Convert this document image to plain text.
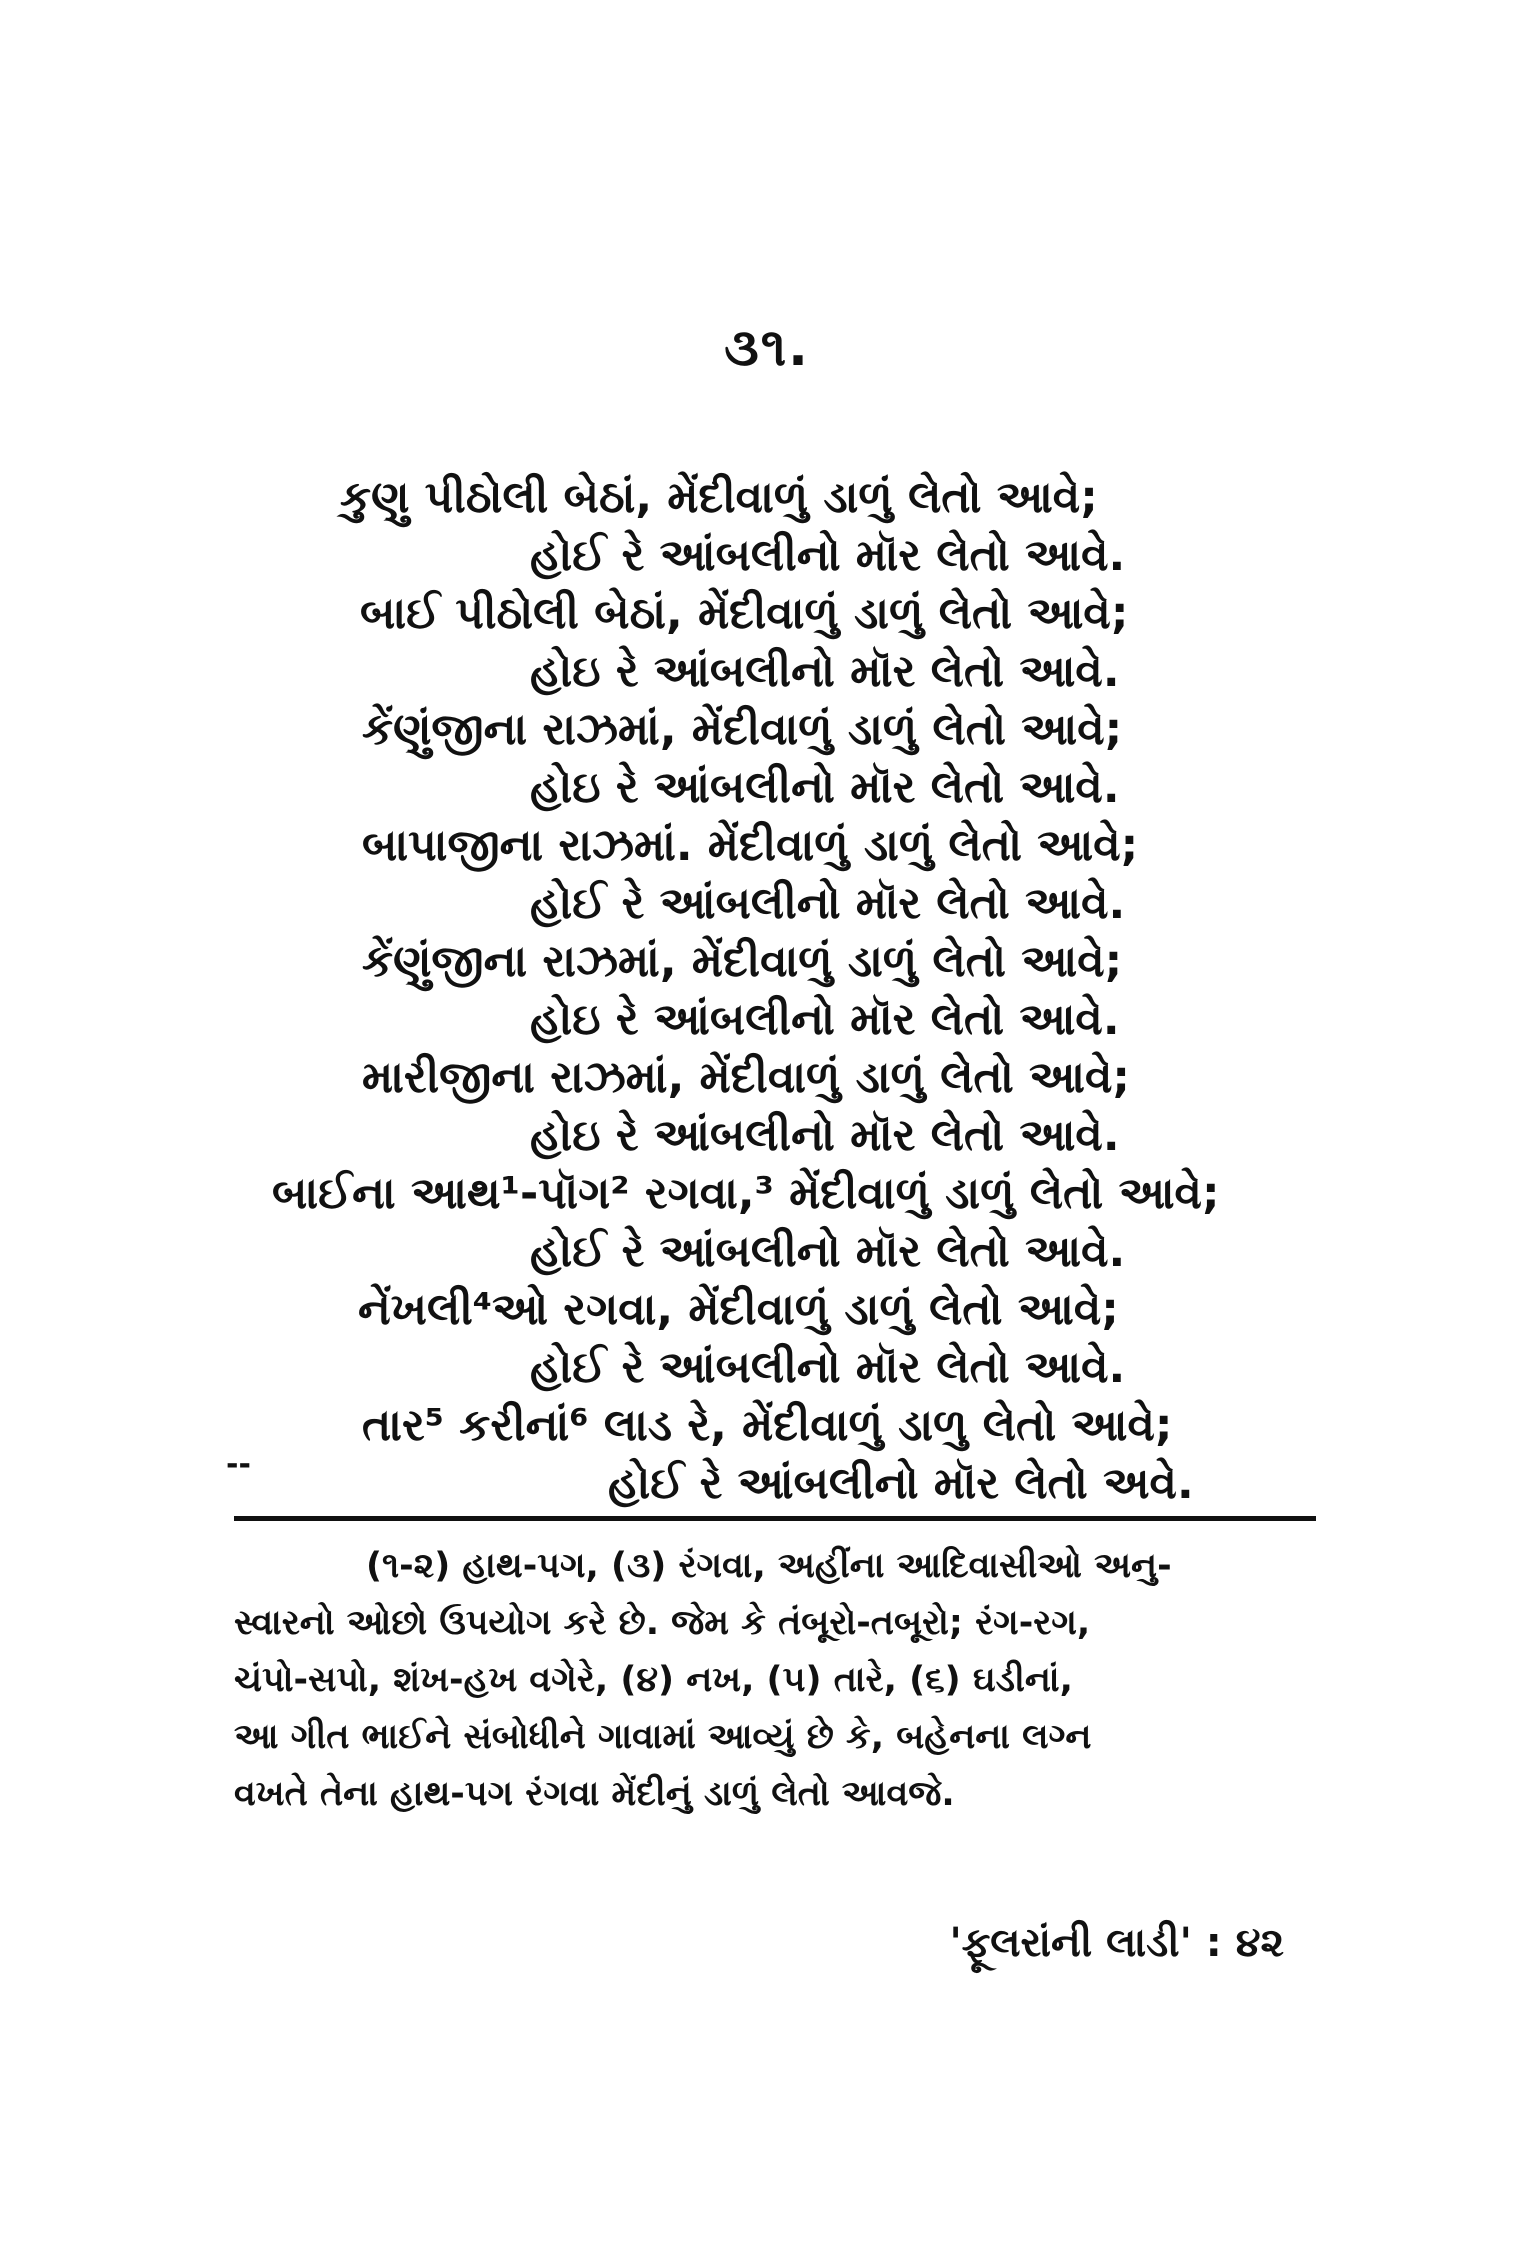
૩૧.
કુણુ પીઠોલી બેઠાં, મેંદીવાળું ડાળું લેતો આવે;
હોઈ રે આંબલીનો મૉર લેતો આવે.
બાઈ પીઠોલી બેઠાં, મેંદીવાળું ડાળું લેતો આવે;
હોઇ રે આંબલીનો મૉર લેતો આવે.
કેંણુંજીના રાઝમાં, મેંદીવાળું ડાળું લેતો આવે;
હોઇ રે આંબલીનો મૉર લેતો આવે.
બાપાજીના રાઝમાં. મેંદીવાળું ડાળું લેતો આવે;
હોઈ રે આંબલીનો મૉર લેતો આવે.
કેંણુંજીના રાઝમાં, મેંદીવાળું ડાળું લેતો આવે;
હોઇ રે આંબલીનો મૉર લેતો આવે.
મારીજીના રાઝમાં, મેંદીવાળું ડાળું લેતો આવે;
હોઇ રે આંબલીનો મૉર લેતો આવે.
બાઈના આથ¹-પૉગ² રગવા,³ મેંદીવાળું ડાળું લેતો આવે;
હોઈ રે આંબલીનો મૉર લેતો આવે.
નેંખલી⁴ઓ રગવા, મેંદીવાળું ડાળું લેતો આવે;
હોઈ રે આંબલીનો મૉર લેતો આવે.
તાર⁵ કરીનાં⁶ લાડ રે, મેંદીવાળું ડાળુ લેતો આવે;
હોઈ રે આંબલીનો મૉર લેતો અવે.
--
(૧-૨) હાથ-પગ, (૩) રંગવા, અહીંના આદિવાસીઓ અનુ-
સ્વારનો ઓછો ઉપયોગ કરે છે. જેમ કે તંબૂરો-તબૂરો; રંગ-રગ,
ચંપો-સપો, શંખ-હખ વગેરે, (૪) નખ, (૫) તારે, (૬) ઘડીનાં,
આ ગીત ભાઈને સંબોધીને ગાવામાં આવ્યું છે કે, બહેનના લગ્ન
વખતે તેના હાથ-પગ રંગવા મેંદીનું ડાળું લેતો આવજે.
'ફૂલરાંની લાડી' : ૪૨
